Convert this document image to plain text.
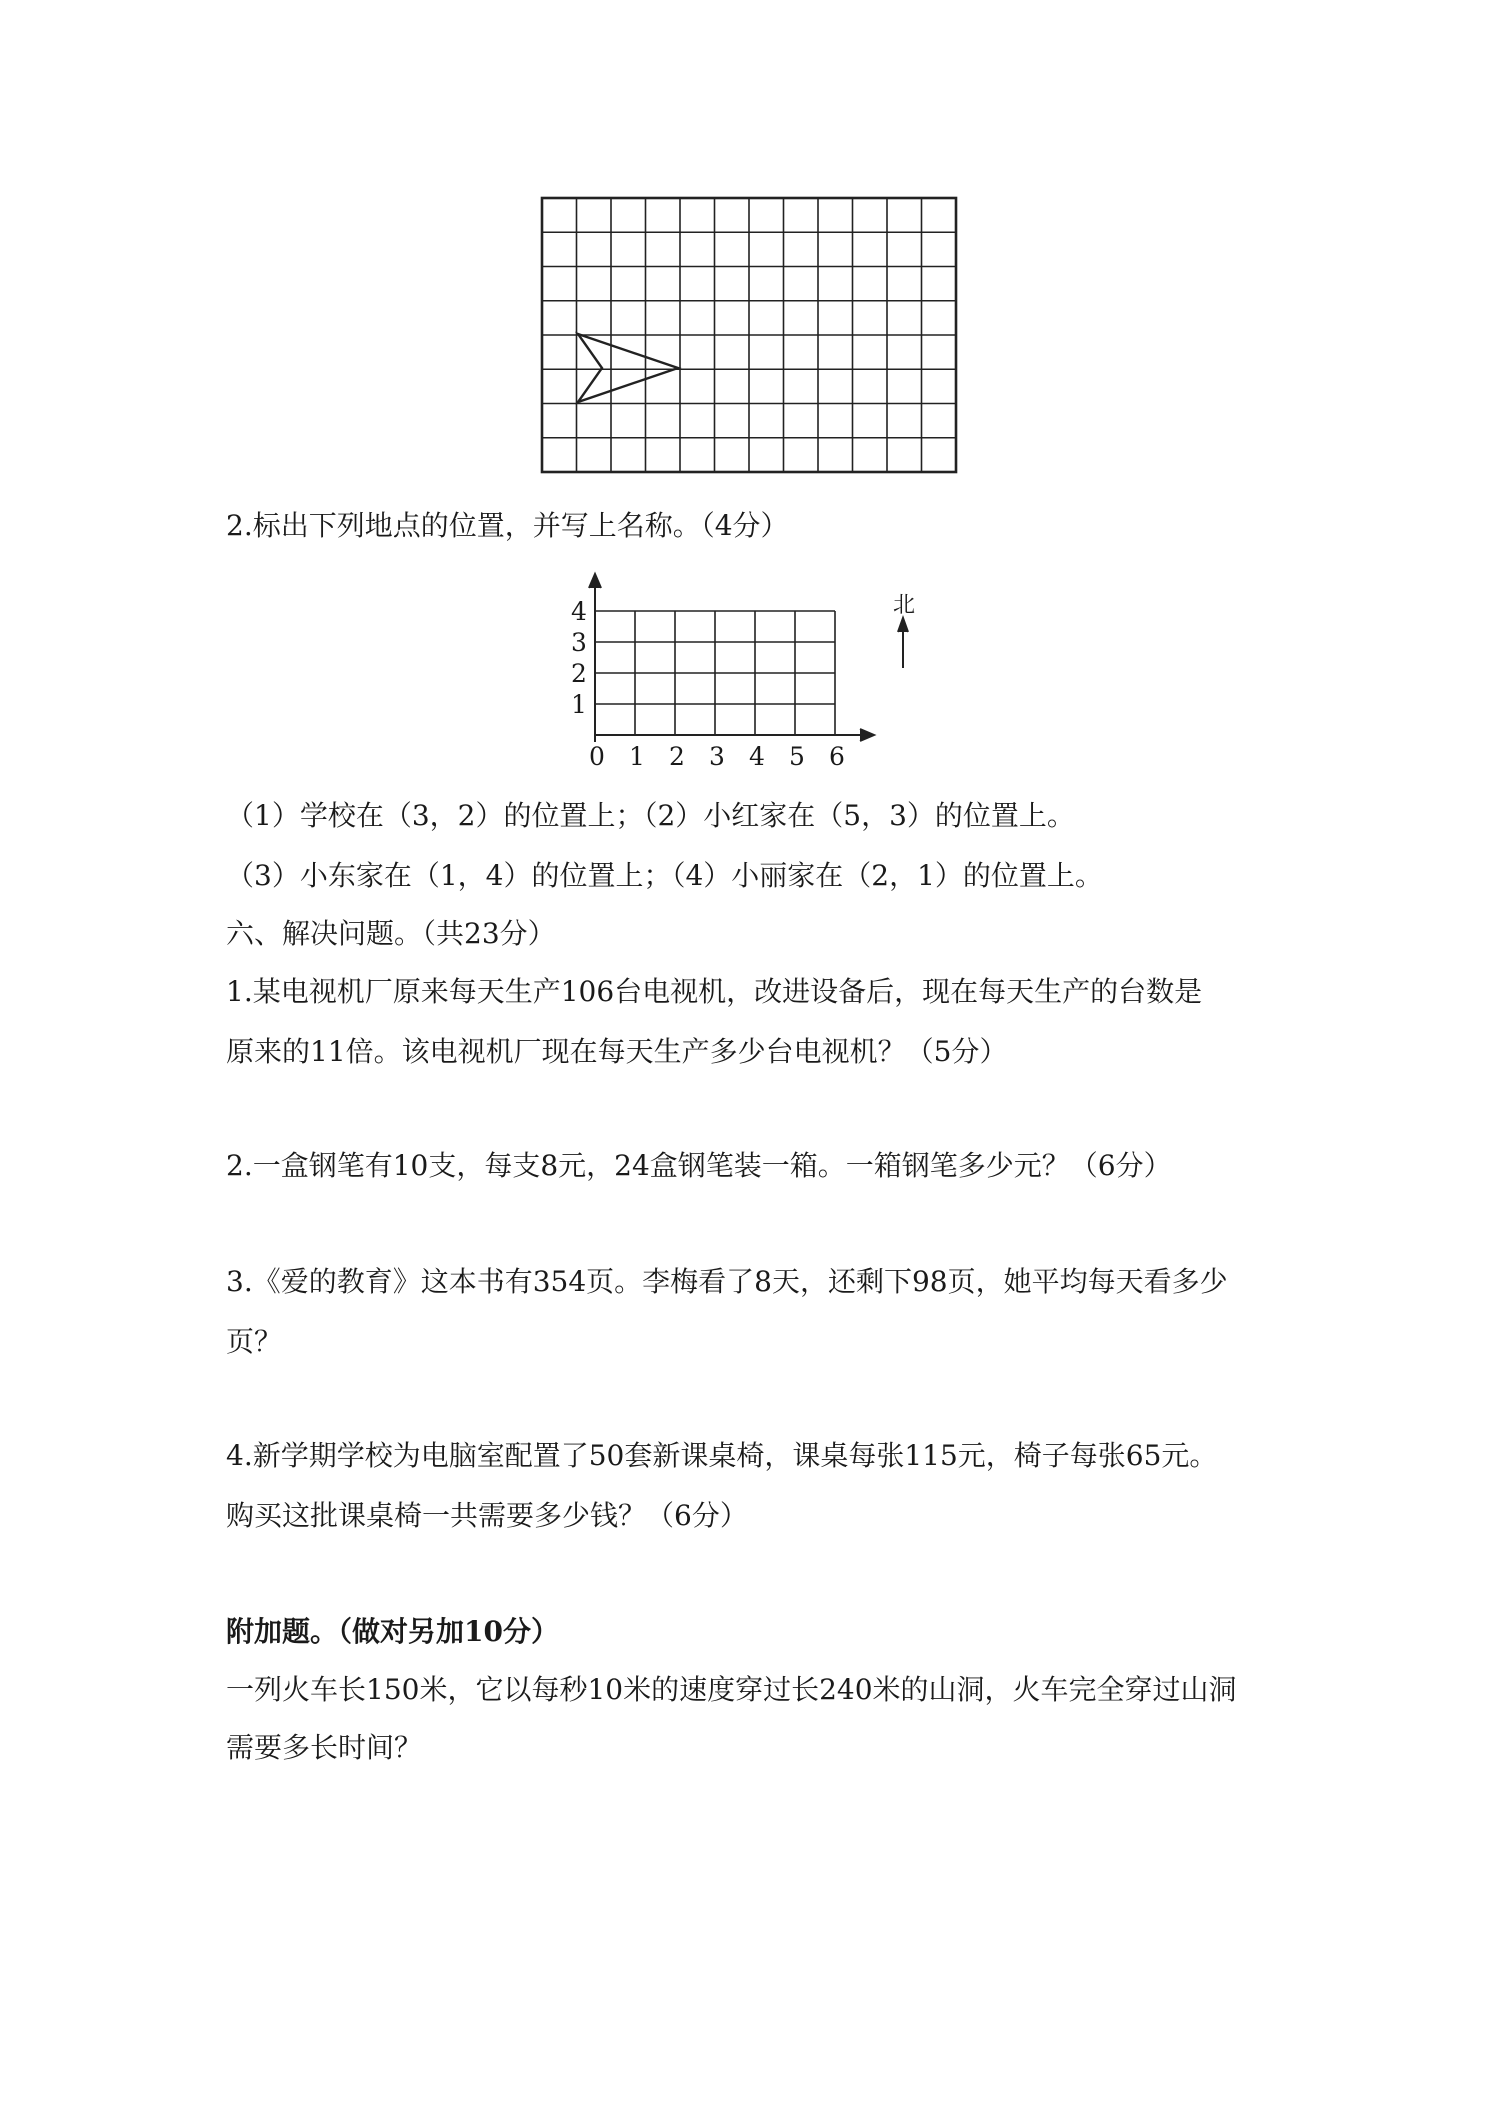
2.标出下列地点的位置，并写上名称。（4分）

0 1 2 3 4 5 6
1
2
3
4	北

（1）学校在（3，2）的位置上；（2）小红家在（5，3）的位置上。

（3）小东家在（1，4）的位置上；（4）小丽家在（2，1）的位置上。

六、解决问题。（共23分）

1.某电视机厂原来每天生产106台电视机，改进设备后，现在每天生产的台数是

原来的11倍。该电视机厂现在每天生产多少台电视机？（5分）

2.一盒钢笔有10支，每支8元，24盒钢笔装一箱。一箱钢笔多少元？（6分）

3.《爱的教育》这本书有354页。李梅看了8天，还剩下98页，她平均每天看多少

页？

4.新学期学校为电脑室配置了50套新课桌椅，课桌每张115元，椅子每张65元。

购买这批课桌椅一共需要多少钱？（6分）

附加题。（做对另加10分）

一列火车长150米，它以每秒10米的速度穿过长240米的山洞，火车完全穿过山洞

需要多长时间？
